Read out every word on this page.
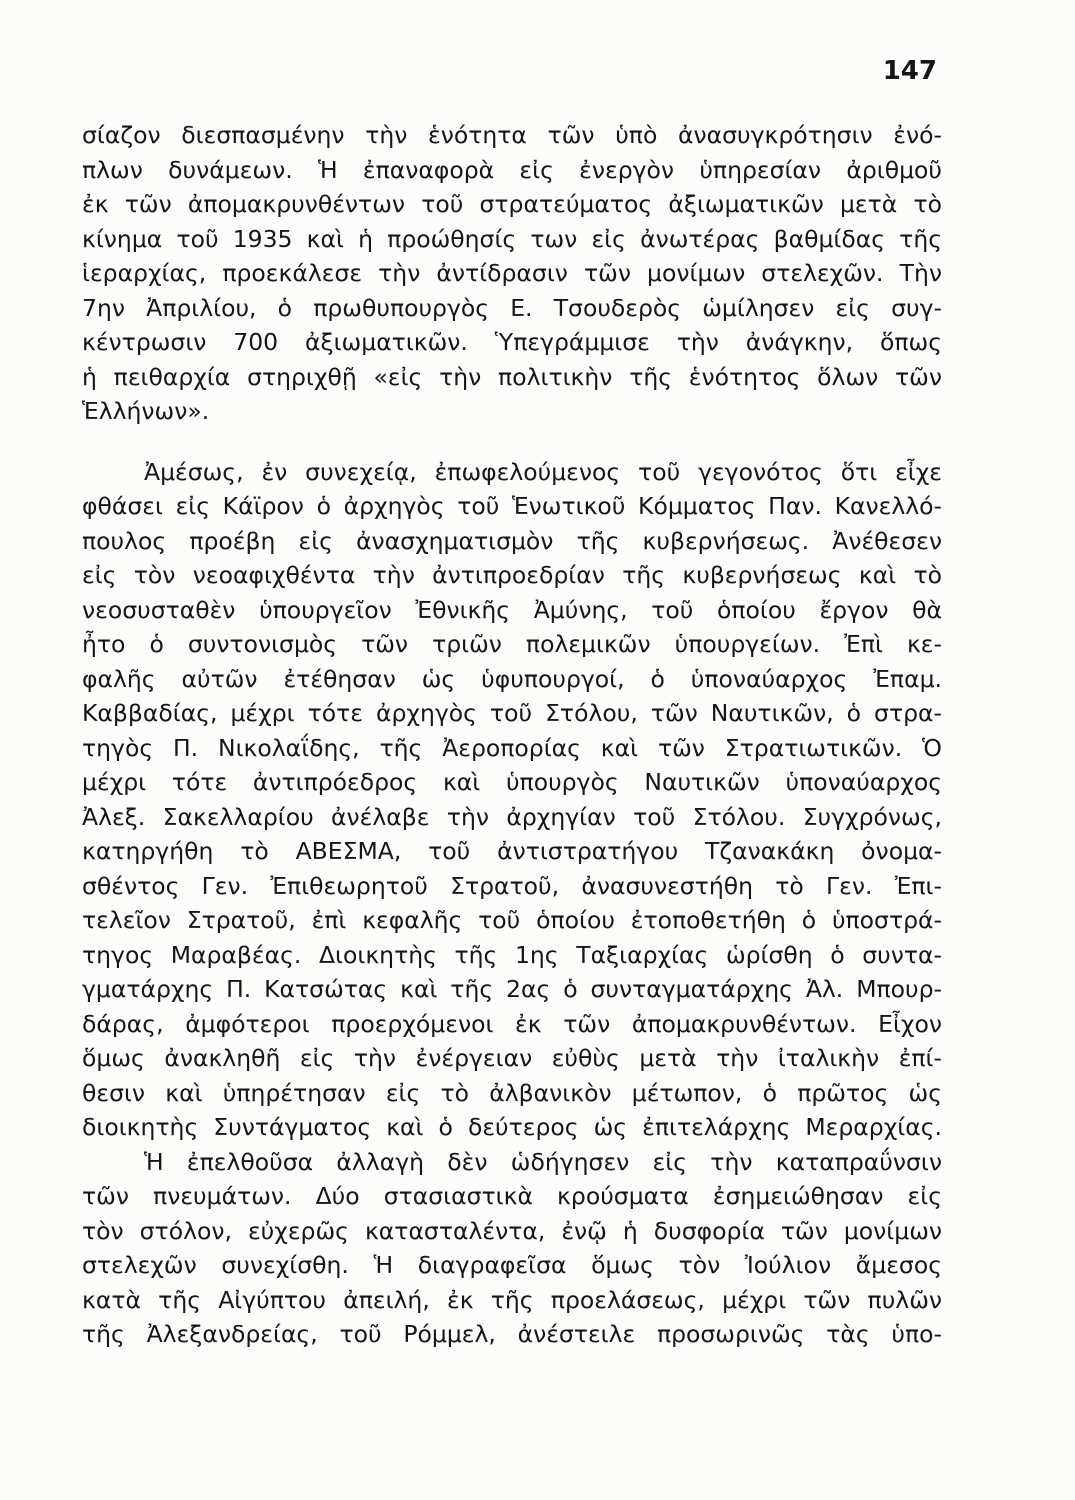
147
σίαζον διεσπασμένην τὴν ἑνότητα τῶν ὑπὸ ἀνασυγκρότησιν ἐνό-
πλων δυνάμεων. Ἡ ἐπαναφορὰ εἰς ἐνεργὸν ὑπηρεσίαν ἀριθμοῦ
ἐκ τῶν ἀπομακρυνθέντων τοῦ στρατεύματος ἀξιωματικῶν μετὰ τὸ
κίνημα τοῦ 1935 καὶ ἡ προώθησίς των εἰς ἀνωτέρας βαθμίδας τῆς
ἱεραρχίας, προεκάλεσε τὴν ἀντίδρασιν τῶν μονίμων στελεχῶν. Τὴν
7ην Ἀπριλίου, ὁ πρωθυπουργὸς Ε. Τσουδερὸς ὡμίλησεν εἰς συγ-
κέντρωσιν 700 ἀξιωματικῶν. Ὑπεγράμμισε τὴν ἀνάγκην, ὅπως
ἡ πειθαρχία στηριχθῇ «εἰς τὴν πολιτικὴν τῆς ἑνότητος ὅλων τῶν
Ἑλλήνων».
Ἀμέσως, ἐν συνεχείᾳ, ἐπωφελούμενος τοῦ γεγονότος ὅτι εἶχε
φθάσει εἰς Κάϊρον ὁ ἀρχηγὸς τοῦ Ἑνωτικοῦ Κόμματος Παν. Κανελλό-
πουλος προέβη εἰς ἀνασχηματισμὸν τῆς κυβερνήσεως. Ἀνέθεσεν
εἰς τὸν νεοαφιχθέντα τὴν ἀντιπροεδρίαν τῆς κυβερνήσεως καὶ τὸ
νεοσυσταθὲν ὑπουργεῖον Ἐθνικῆς Ἀμύνης, τοῦ ὁποίου ἔργον θὰ
ἦτο ὁ συντονισμὸς τῶν τριῶν πολεμικῶν ὑπουργείων. Ἐπὶ κε-
φαλῆς αὐτῶν ἐτέθησαν ὡς ὑφυπουργοί, ὁ ὑποναύαρχος Ἐπαμ.
Καββαδίας, μέχρι τότε ἀρχηγὸς τοῦ Στόλου, τῶν Ναυτικῶν, ὁ στρα-
τηγὸς Π. Νικολαΐδης, τῆς Ἀεροπορίας καὶ τῶν Στρατιωτικῶν. Ὁ
μέχρι τότε ἀντιπρόεδρος καὶ ὑπουργὸς Ναυτικῶν ὑποναύαρχος
Ἀλεξ. Σακελλαρίου ἀνέλαβε τὴν ἀρχηγίαν τοῦ Στόλου. Συγχρόνως,
κατηργήθη τὸ ΑΒΕΣΜΑ, τοῦ ἀντιστρατήγου Τζανακάκη ὀνομα-
σθέντος Γεν. Ἐπιθεωρητοῦ Στρατοῦ, ἀνασυνεστήθη τὸ Γεν. Ἐπι-
τελεῖον Στρατοῦ, ἐπὶ κεφαλῆς τοῦ ὁποίου ἐτοποθετήθη ὁ ὑποστρά-
τηγος Μαραβέας. Διοικητὴς τῆς 1ης Ταξιαρχίας ὡρίσθη ὁ συντα-
γματάρχης Π. Κατσώτας καὶ τῆς 2ας ὁ συνταγματάρχης Ἀλ. Μπουρ-
δάρας, ἀμφότεροι προερχόμενοι ἐκ τῶν ἀπομακρυνθέντων. Εἶχον
ὅμως ἀνακληθῆ εἰς τὴν ἐνέργειαν εὐθὺς μετὰ τὴν ἰταλικὴν ἐπί-
θεσιν καὶ ὑπηρέτησαν εἰς τὸ ἀλβανικὸν μέτωπον, ὁ πρῶτος ὡς
διοικητὴς Συντάγματος καὶ ὁ δεύτερος ὡς ἐπιτελάρχης Μεραρχίας.
Ἡ ἐπελθοῦσα ἀλλαγὴ δὲν ὡδήγησεν εἰς τὴν καταπραΰνσιν
τῶν πνευμάτων. Δύο στασιαστικὰ κρούσματα ἐσημειώθησαν εἰς
τὸν στόλον, εὐχερῶς κατασταλέντα, ἐνῷ ἡ δυσφορία τῶν μονίμων
στελεχῶν συνεχίσθη. Ἡ διαγραφεῖσα ὅμως τὸν Ἰούλιον ἄμεσος
κατὰ τῆς Αἰγύπτου ἀπειλή, ἐκ τῆς προελάσεως, μέχρι τῶν πυλῶν
τῆς Ἀλεξανδρείας, τοῦ Ρόμμελ, ἀνέστειλε προσωρινῶς τὰς ὑπο-
